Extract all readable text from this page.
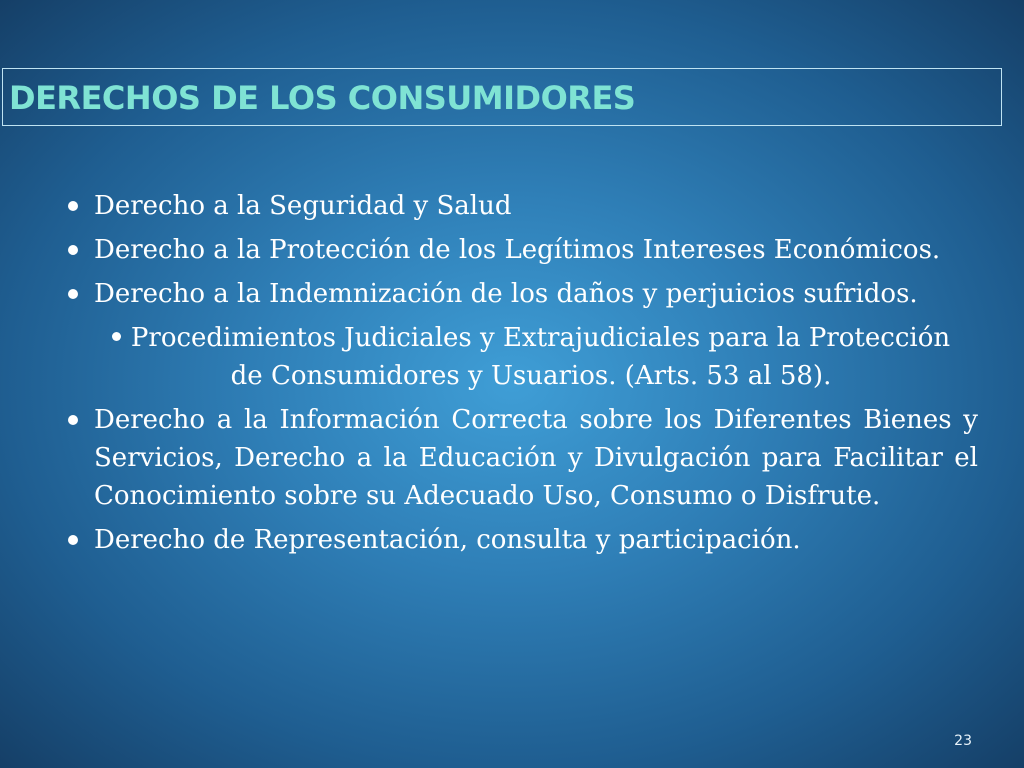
DERECHOS DE LOS CONSUMIDORES
Derecho a la Seguridad y Salud
Derecho a la Protección de los Legítimos Intereses Económicos.
Derecho a la Indemnización de los daños y perjuicios sufridos.
Procedimientos Judiciales y Extrajudiciales para la Protección de Consumidores y Usuarios. (Arts. 53 al 58).
Derecho a la Información Correcta sobre los Diferentes Bienes y Servicios, Derecho a la Educación y Divulgación para Facilitar el Conocimiento sobre su Adecuado Uso, Consumo o Disfrute.
Derecho de Representación, consulta y participación.
23
